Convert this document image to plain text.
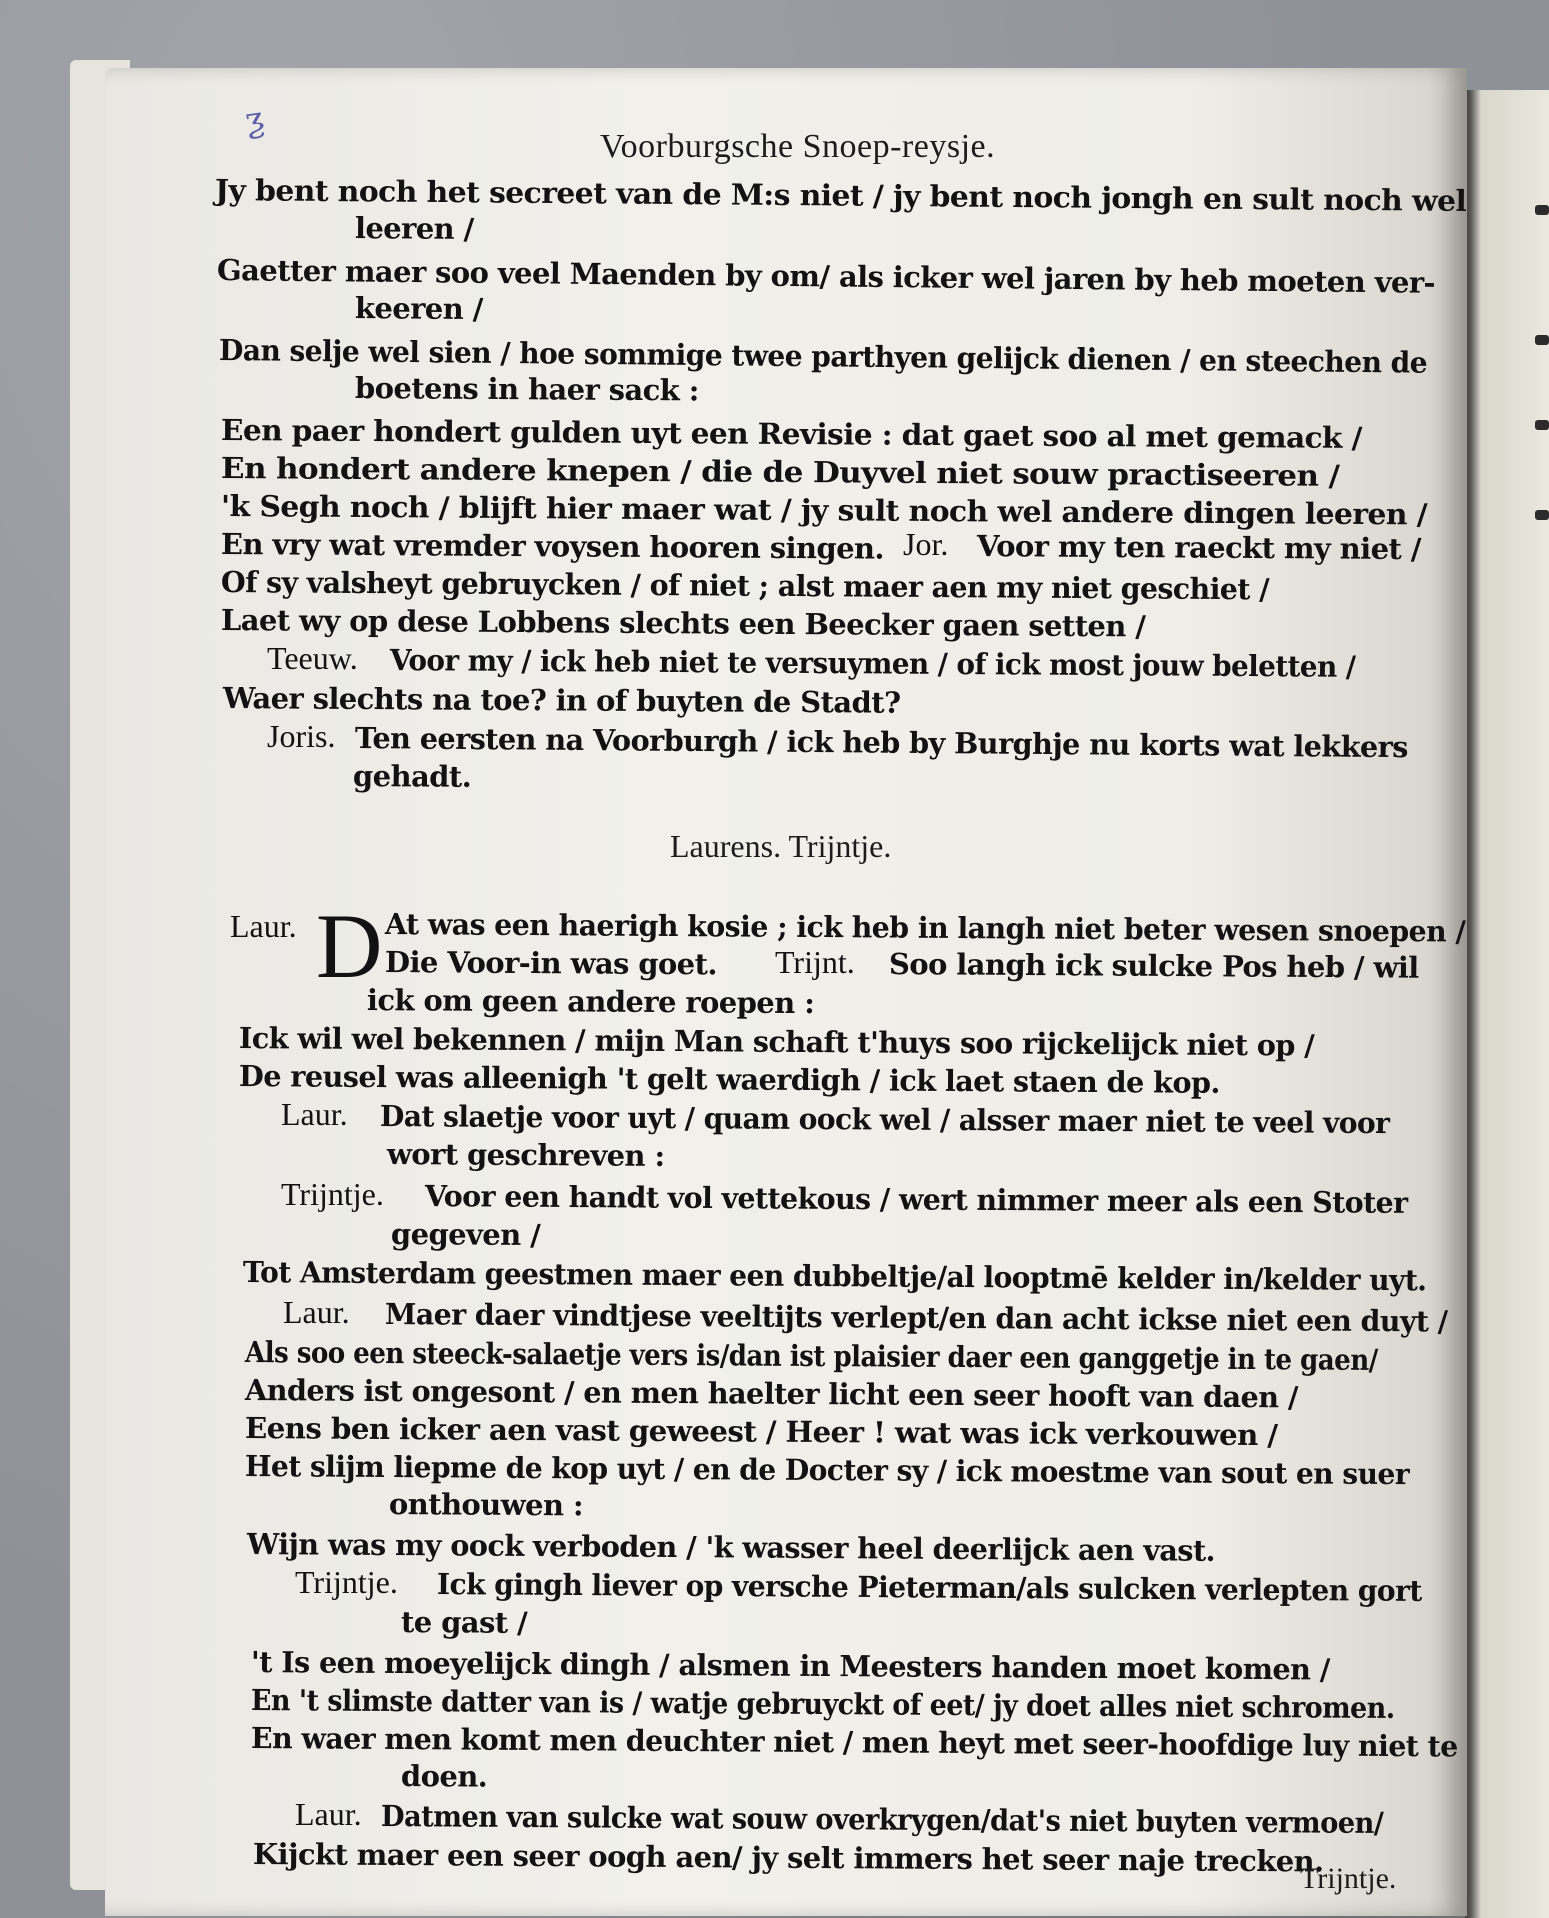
ƺ
Voorburgsche Snoep-reysje.
Jy bent noch het secreet van de M:s niet / jy bent noch jongh en sult noch wel
leeren /
Gaetter maer soo veel Maenden by om/ als icker wel jaren by heb moeten ver-
keeren /
Dan selje wel sien / hoe sommige twee parthyen gelijck dienen / en steechen de
boetens in haer sack :
Een paer hondert gulden uyt een Revisie : dat gaet soo al met gemack /
En hondert andere knepen / die de Duyvel niet souw practiseeren /
'k Segh noch / blijft hier maer wat / jy sult noch wel andere dingen leeren /
En vry wat vremder voysen hooren singen. Jor. Voor my ten raeckt my niet /
Of sy valsheyt gebruycken / of niet ; alst maer aen my niet geschiet /
Laet wy op dese Lobbens slechts een Beecker gaen setten /
Teeuw. Voor my / ick heb niet te versuymen / of ick most jouw beletten /
Waer slechts na toe? in of buyten de Stadt?
Joris. Ten eersten na Voorburgh / ick heb by Burghje nu korts wat lekkers
gehadt.
Laurens. Trijntje.
D
Laur.	At was een haerigh kosie ; ick heb in langh niet beter wesen snoepen /
Die Voor-in was goet. Trijnt. Soo langh ick sulcke Pos heb / wil
ick om geen andere roepen :
Ick wil wel bekennen / mijn Man schaft t'huys soo rijckelijck niet op /
De reusel was alleenigh 't gelt waerdigh / ick laet staen de kop.
Laur. Dat slaetje voor uyt / quam oock wel / alsser maer niet te veel voor
wort geschreven :
Trijntje. Voor een handt vol vettekous / wert nimmer meer als een Stoter
gegeven /
Tot Amsterdam geestmen maer een dubbeltje/al looptmē kelder in/kelder uyt.
Laur. Maer daer vindtjese veeltijts verlept/en dan acht ickse niet een duyt /
Als soo een steeck-salaetje vers is/dan ist plaisier daer een ganggetje in te gaen/
Anders ist ongesont / en men haelter licht een seer hooft van daen /
Eens ben icker aen vast geweest / Heer ! wat was ick verkouwen /
Het slijm liepme de kop uyt / en de Docter sy / ick moestme van sout en suer
onthouwen :
Wijn was my oock verboden / 'k wasser heel deerlijck aen vast.
Trijntje. Ick gingh liever op versche Pieterman/als sulcken verlepten gort
te gast /
't Is een moeyelijck dingh / alsmen in Meesters handen moet komen /
En 't slimste datter van is / watje gebruyckt of eet/ jy doet alles niet schromen.
En waer men komt men deuchter niet / men heyt met seer-hoofdige luy niet te
doen.
Laur. Datmen van sulcke wat souw overkrygen/dat's niet buyten vermoen/
Kijckt maer een seer oogh aen/ jy selt immers het seer naje trecken.
Trijntje.
